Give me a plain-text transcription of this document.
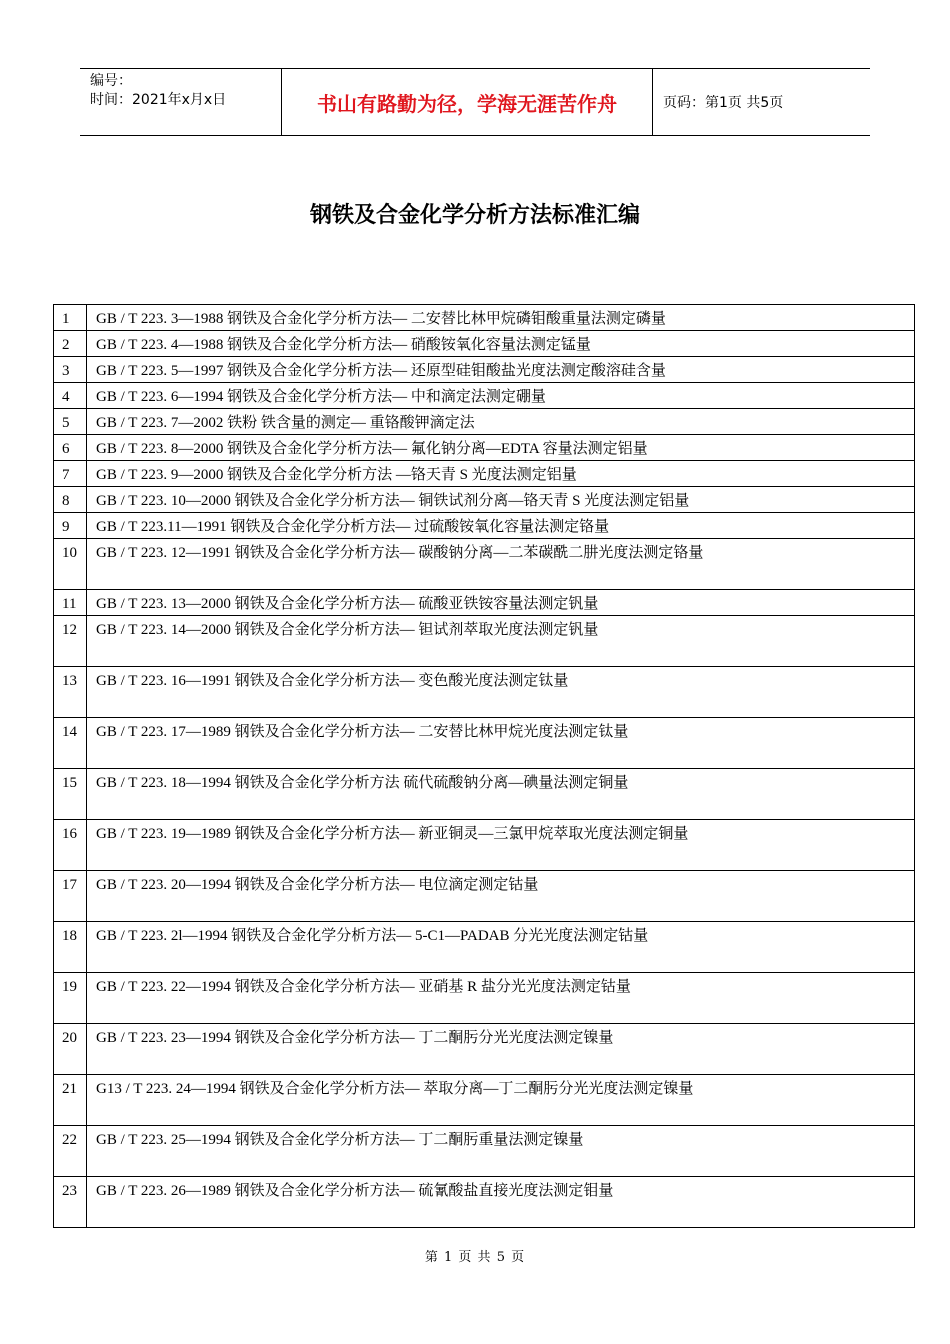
编号：
时间：2021年x月x日	书山有路勤为径，学海无涯苦作舟	页码：第1页 共5页
钢铁及合金化学分析方法标准汇编
1	GB / T 223. 3—1988 钢铁及合金化学分析方法— 二安替比林甲烷磷钼酸重量法测定磷量
2	GB / T 223. 4—1988 钢铁及合金化学分析方法— 硝酸铵氧化容量法测定锰量
3	GB / T 223. 5—1997 钢铁及合金化学分析方法— 还原型硅钼酸盐光度法测定酸溶硅含量
4	GB / T 223. 6—1994 钢铁及合金化学分析方法— 中和滴定法测定硼量
5	GB / T 223. 7—2002 铁粉 铁含量的测定— 重铬酸钾滴定法
6	GB / T 223. 8—2000 钢铁及合金化学分析方法— 氟化钠分离—EDTA 容量法测定铝量
7	GB / T 223. 9—2000 钢铁及合金化学分析方法 —铬天青 S 光度法测定铝量
8	GB / T 223. 10—2000 钢铁及合金化学分析方法— 铜铁试剂分离—铬天青 S 光度法测定铝量
9	GB / T 223.11—1991 钢铁及合金化学分析方法— 过硫酸铵氧化容量法测定铬量
10	GB / T 223. 12—1991 钢铁及合金化学分析方法— 碳酸钠分离—二苯碳酰二肼光度法测定铬量
11	GB / T 223. 13—2000 钢铁及合金化学分析方法— 硫酸亚铁铵容量法测定钒量
12	GB / T 223. 14—2000 钢铁及合金化学分析方法— 钽试剂萃取光度法测定钒量
13	GB / T 223. 16—1991 钢铁及合金化学分析方法— 变色酸光度法测定钛量
14	GB / T 223. 17—1989 钢铁及合金化学分析方法— 二安替比林甲烷光度法测定钛量
15	GB / T 223. 18—1994 钢铁及合金化学分析方法 硫代硫酸钠分离—碘量法测定铜量
16	GB / T 223. 19—1989 钢铁及合金化学分析方法— 新亚铜灵—三氯甲烷萃取光度法测定铜量
17	GB / T 223. 20—1994 钢铁及合金化学分析方法— 电位滴定测定钴量
18	GB / T 223. 2l—1994 钢铁及合金化学分析方法— 5-C1—PADAB 分光光度法测定钴量
19	GB / T 223. 22—1994 钢铁及合金化学分析方法— 亚硝基 R 盐分光光度法测定钴量
20	GB / T 223. 23—1994 钢铁及合金化学分析方法— 丁二酮肟分光光度法测定镍量
21	G13 / T 223. 24—1994 钢铁及合金化学分析方法— 萃取分离—丁二酮肟分光光度法测定镍量
22	GB / T 223. 25—1994 钢铁及合金化学分析方法— 丁二酮肟重量法测定镍量
23	GB / T 223. 26—1989 钢铁及合金化学分析方法— 硫氰酸盐直接光度法测定钼量
第 1 页 共 5 页
